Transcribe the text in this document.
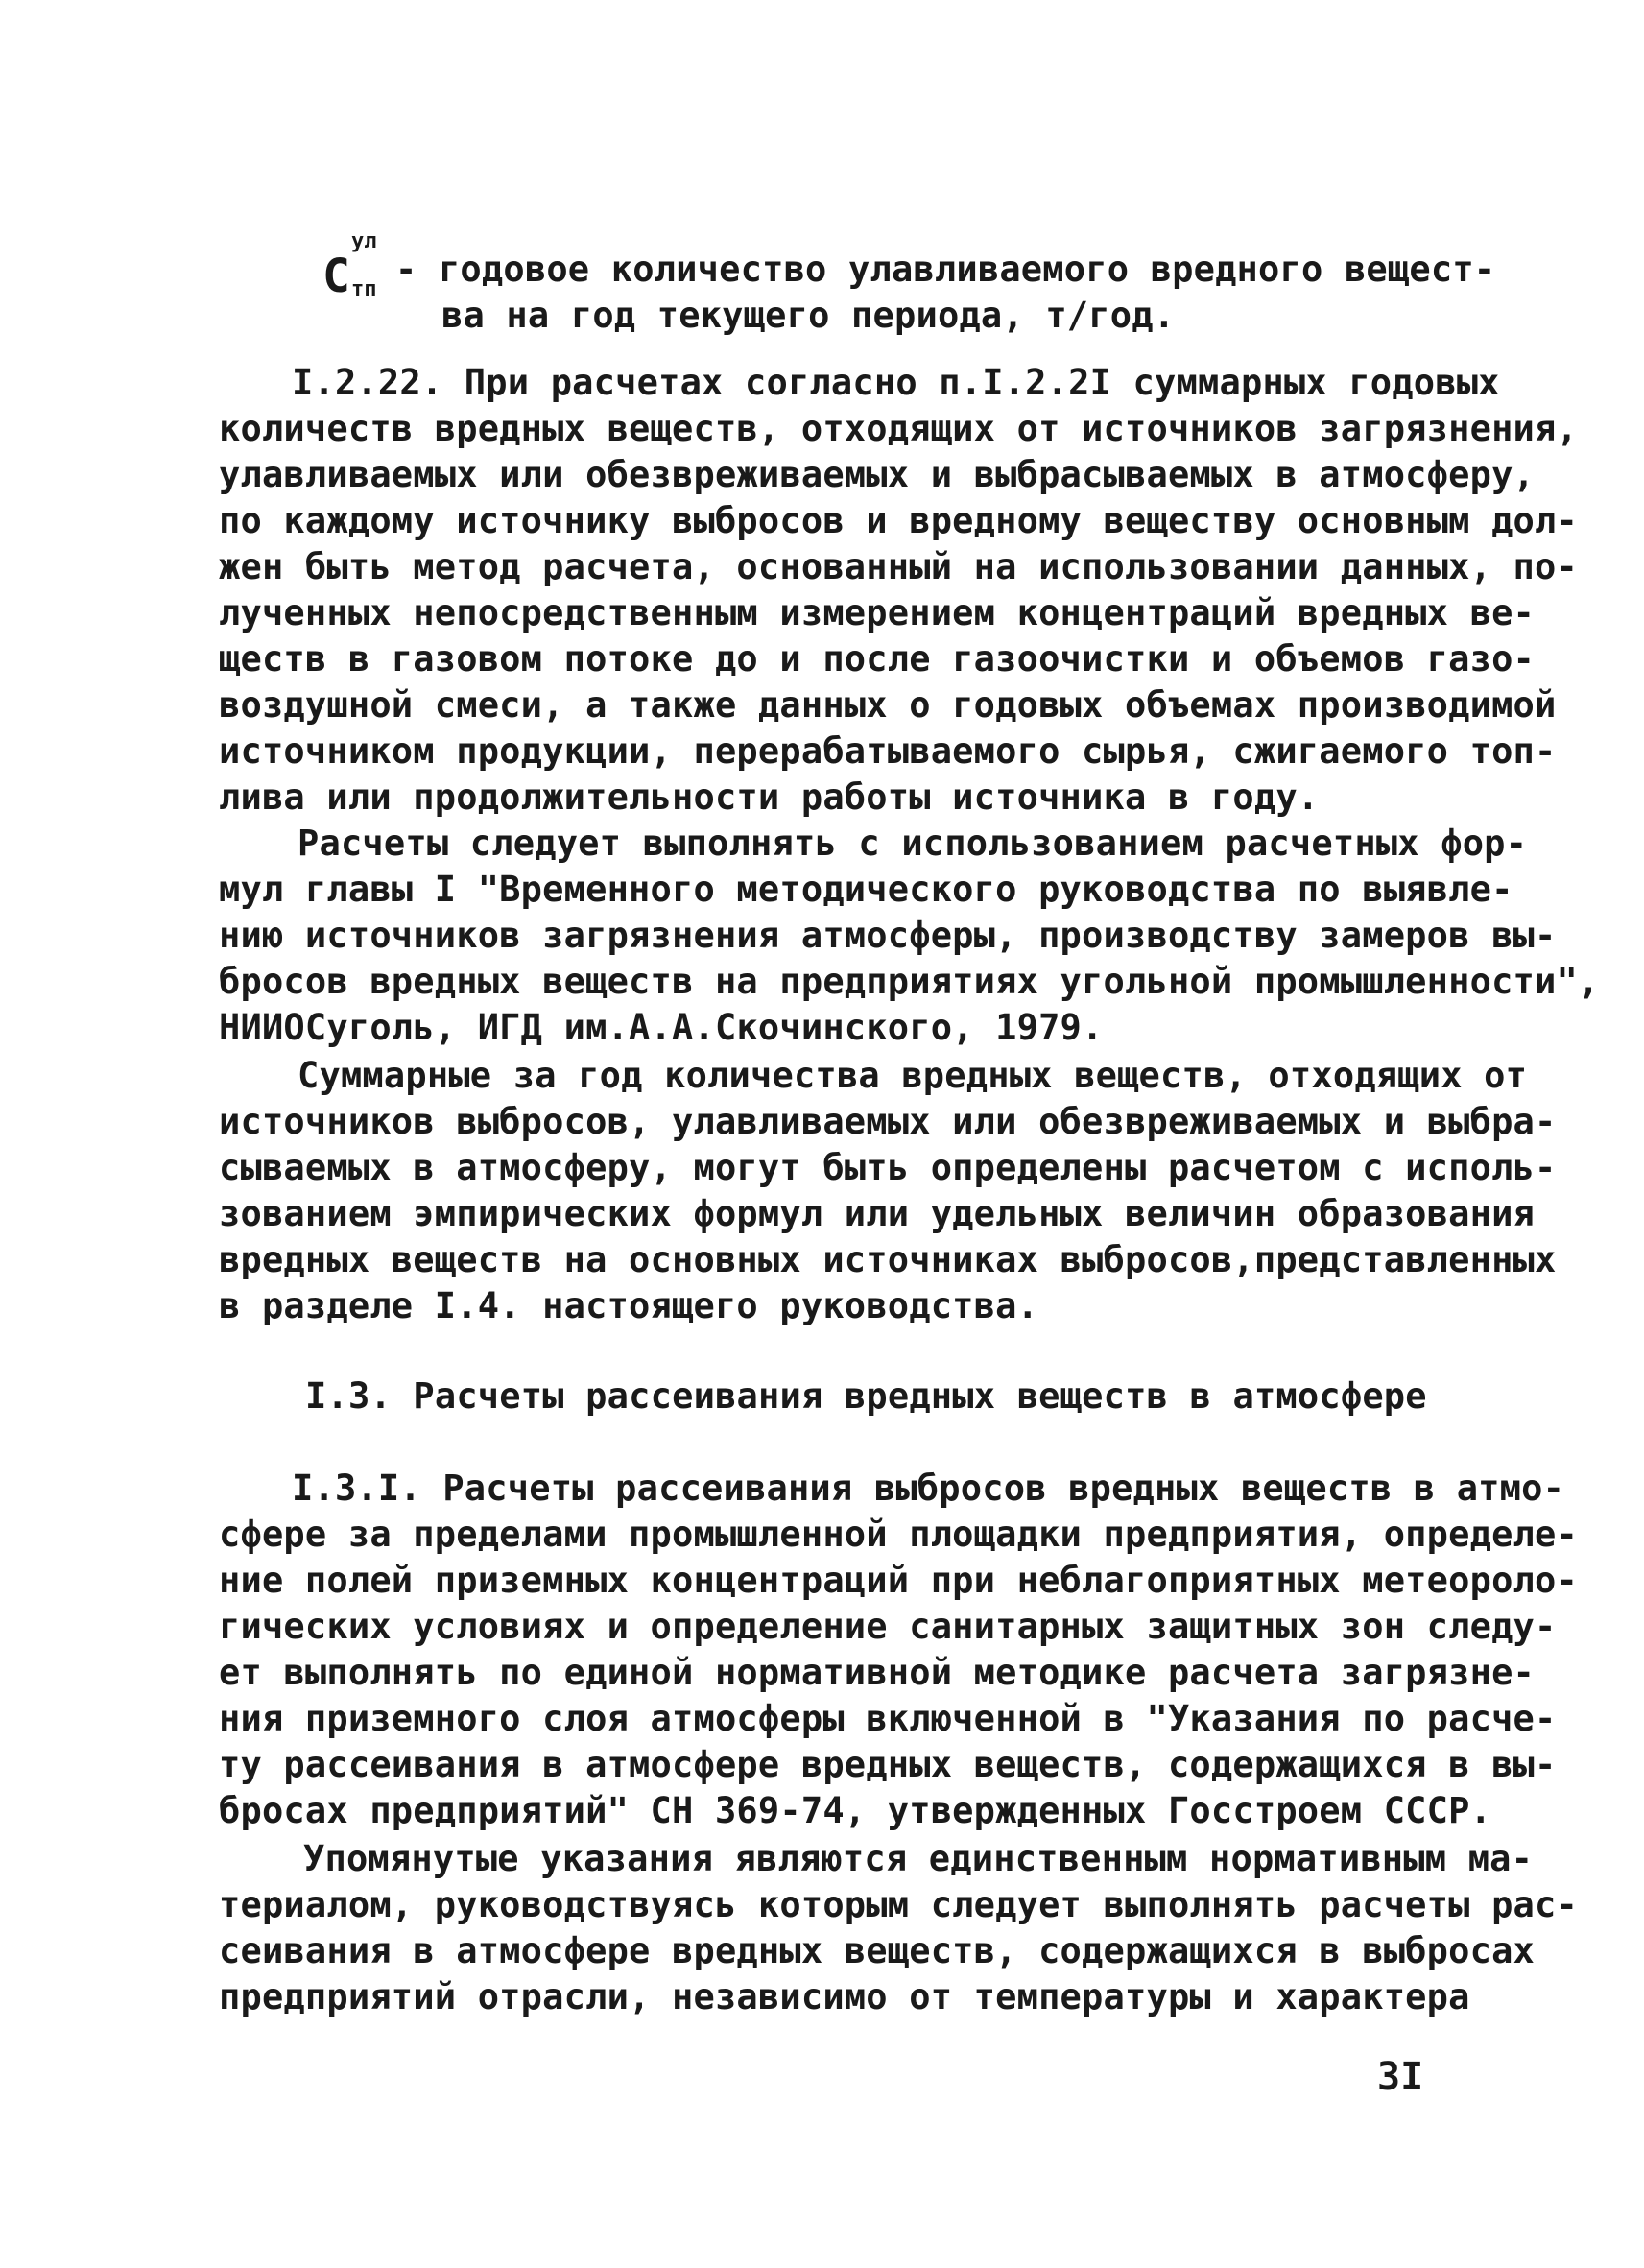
C
ул
тп - годовое количество улавливаемого вредного вещест-
ва на год текущего периода, т/год.
I.2.22. При расчетах согласно п.I.2.2I суммарных годовых
количеств вредных веществ, отходящих от источников загрязнения,
улавливаемых или обезвреживаемых и выбрасываемых в атмосферу,
по каждому источнику выбросов и вредному веществу основным дол-
жен быть метод расчета, основанный на использовании данных, по-
лученных непосредственным измерением концентраций вредных ве-
ществ в газовом потоке до и после газоочистки и объемов газо-
воздушной смеси, а также данных о годовых объемах производимой
источником продукции, перерабатываемого сырья, сжигаемого топ-
лива или продолжительности работы источника в году.
Расчеты следует выполнять с использованием расчетных фор-
мул главы I "Временного методического руководства по выявле-
нию источников загрязнения атмосферы, производству замеров вы-
бросов вредных веществ на предприятиях угольной промышленности",
НИИОСуголь, ИГД им.А.А.Скочинского, 1979.
Суммарные за год количества вредных веществ, отходящих от
источников выбросов, улавливаемых или обезвреживаемых и выбра-
сываемых в атмосферу, могут быть определены расчетом с исполь-
зованием эмпирических формул или удельных величин образования
вредных веществ на основных источниках выбросов,представленных
в разделе I.4. настоящего руководства.
I.3. Расчеты рассеивания вредных веществ в атмосфере
I.3.I. Расчеты рассеивания выбросов вредных веществ в атмо-
сфере за пределами промышленной площадки предприятия, определе-
ние полей приземных концентраций при неблагоприятных метеороло-
гических условиях и определение санитарных защитных зон следу-
ет выполнять по единой нормативной методике расчета загрязне-
ния приземного слоя атмосферы включенной в "Указания по расче-
ту рассеивания в атмосфере вредных веществ, содержащихся в вы-
бросах предприятий" СН 369-74, утвержденных Госстроем СССР.
Упомянутые указания являются единственным нормативным ма-
териалом, руководствуясь которым следует выполнять расчеты рас-
сеивания в атмосфере вредных веществ, содержащихся в выбросах
предприятий отрасли, независимо от температуры и характера
3I
